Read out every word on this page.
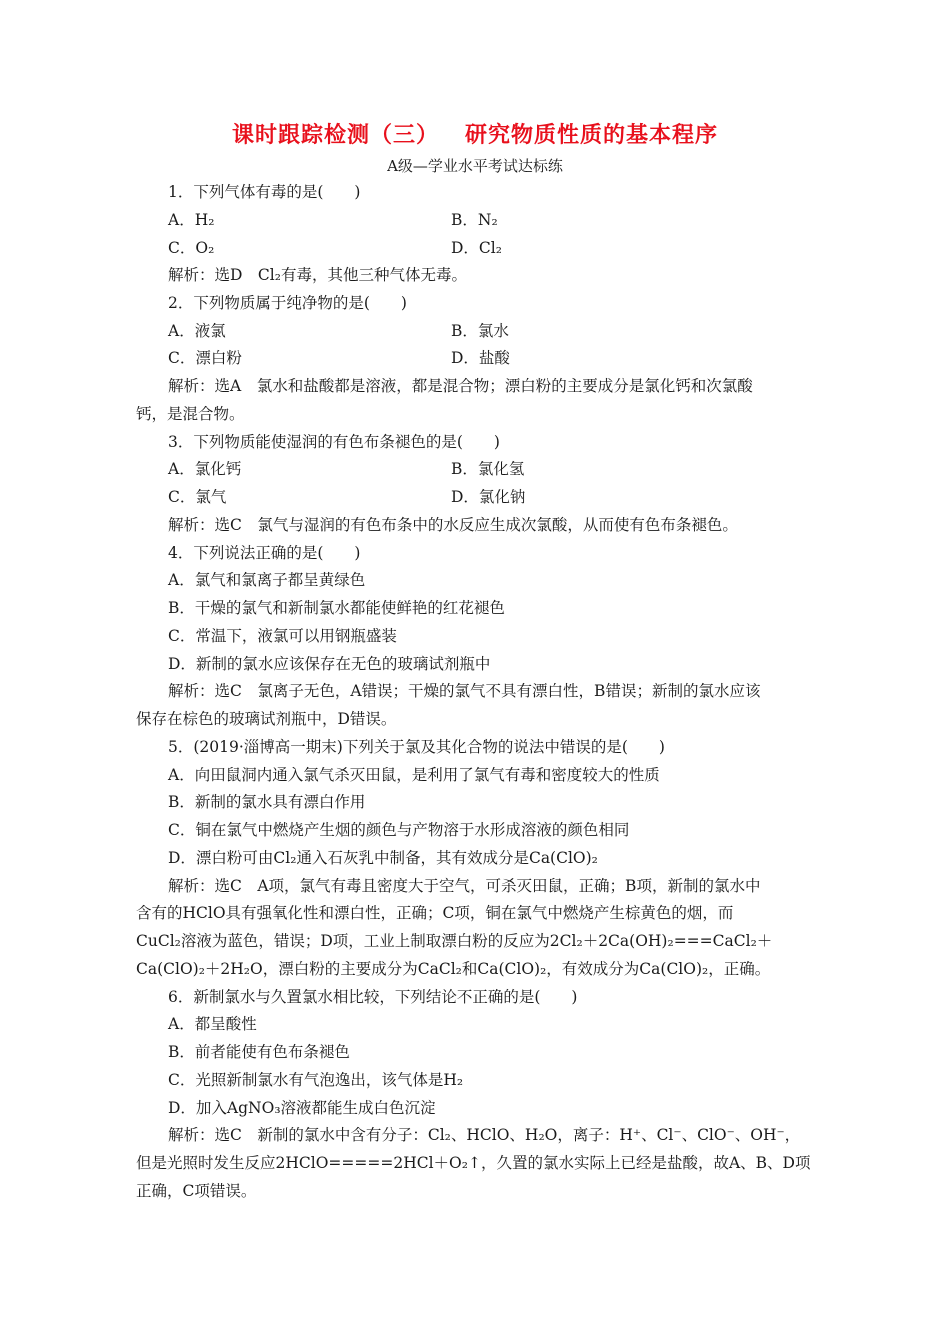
课时跟踪检测（三）   研究物质性质的基本程序
A级—学业水平考试达标练
1．下列气体有毒的是(　　)
A．H₂	B．N₂
C．O₂	D．Cl₂
解析：选D　Cl₂有毒，其他三种气体无毒。
2．下列物质属于纯净物的是(　　)
A．液氯	B．氯水
C．漂白粉	D．盐酸
解析：选A　氯水和盐酸都是溶液，都是混合物；漂白粉的主要成分是氯化钙和次氯酸
钙，是混合物。
3．下列物质能使湿润的有色布条褪色的是(　　)
A．氯化钙	B．氯化氢
C．氯气	D．氯化钠
解析：选C　氯气与湿润的有色布条中的水反应生成次氯酸，从而使有色布条褪色。
4．下列说法正确的是(　　)
A．氯气和氯离子都呈黄绿色
B．干燥的氯气和新制氯水都能使鲜艳的红花褪色
C．常温下，液氯可以用钢瓶盛装
D．新制的氯水应该保存在无色的玻璃试剂瓶中
解析：选C　氯离子无色，A错误；干燥的氯气不具有漂白性，B错误；新制的氯水应该
保存在棕色的玻璃试剂瓶中，D错误。
5．(2019·淄博高一期末)下列关于氯及其化合物的说法中错误的是(　　)
A．向田鼠洞内通入氯气杀灭田鼠，是利用了氯气有毒和密度较大的性质
B．新制的氯水具有漂白作用
C．铜在氯气中燃烧产生烟的颜色与产物溶于水形成溶液的颜色相同
D．漂白粉可由Cl₂通入石灰乳中制备，其有效成分是Ca(ClO)₂
解析：选C　A项，氯气有毒且密度大于空气，可杀灭田鼠，正确；B项，新制的氯水中
含有的HClO具有强氧化性和漂白性，正确；C项，铜在氯气中燃烧产生棕黄色的烟，而
CuCl₂溶液为蓝色，错误；D项，工业上制取漂白粉的反应为2Cl₂＋2Ca(OH)₂===CaCl₂＋
Ca(ClO)₂＋2H₂O，漂白粉的主要成分为CaCl₂和Ca(ClO)₂，有效成分为Ca(ClO)₂，正确。
6．新制氯水与久置氯水相比较，下列结论不正确的是(　　)
A．都呈酸性
B．前者能使有色布条褪色
C．光照新制氯水有气泡逸出，该气体是H₂
D．加入AgNO₃溶液都能生成白色沉淀
解析：选C　新制的氯水中含有分子：Cl₂、HClO、H₂O，离子：H⁺、Cl⁻、ClO⁻、OH⁻，
但是光照时发生反应2HClO=====2HCl＋O₂↑，久置的氯水实际上已经是盐酸，故A、B、D项
正确，C项错误。
